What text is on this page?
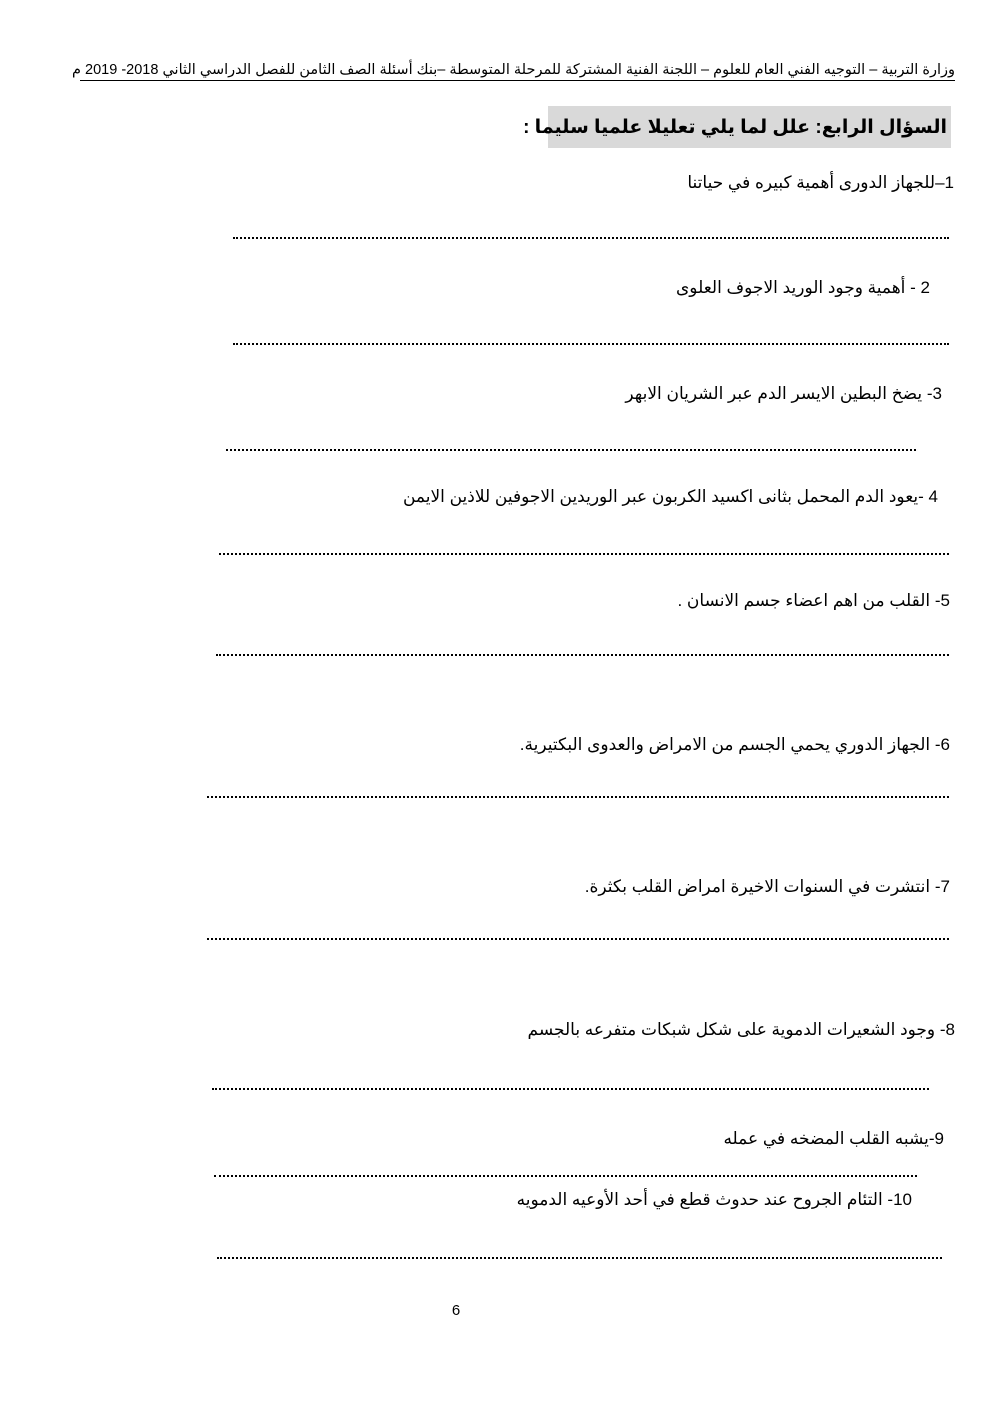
وزارة التربية – التوجيه الفني العام للعلوم – اللجنة الفنية المشتركة للمرحلة المتوسطة –بنك أسئلة الصف الثامن للفصل الدراسي الثاني 2018- 2019 م
السؤال الرابع: علل لما يلي تعليلا علميا سليما :
1–للجهاز الدورى أهمية كبيره في حياتنا
2 - أهمية وجود الوريد الاجوف العلوى
3- يضخ البطين الايسر الدم عبر الشريان الابهر
4 -يعود الدم المحمل بثانى اكسيد الكربون عبر الوريدين الاجوفين للاذين الايمن
5- القلب من اهم اعضاء جسم الانسان .
6- الجهاز الدوري يحمي الجسم من الامراض والعدوى البكتيرية.
7- انتشرت في السنوات الاخيرة امراض القلب بكثرة.
8- وجود الشعيرات الدموية على شكل شبكات متفرعه بالجسم
9-يشبه القلب المضخه في عمله
10- التئام الجروح عند حدوث قطع في أحد الأوعيه الدمويه
6
